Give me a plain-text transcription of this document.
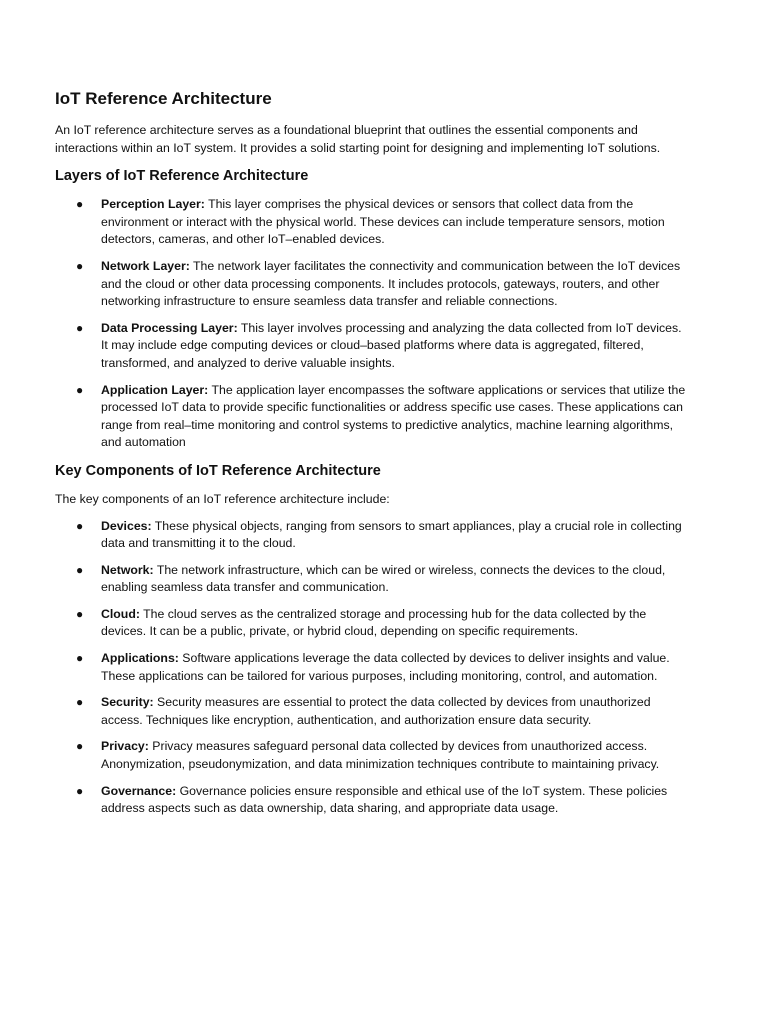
IoT Reference Architecture

An IoT reference architecture serves as a foundational blueprint that outlines the essential components and interactions within an IoT system. It provides a solid starting point for designing and implementing IoT solutions.

Layers of IoT Reference Architecture
● Perception Layer: This layer comprises the physical devices or sensors that collect data from the environment or interact with the physical world. These devices can include temperature sensors, motion detectors, cameras, and other IoT–enabled devices.
● Network Layer: The network layer facilitates the connectivity and communication between the IoT devices and the cloud or other data processing components. It includes protocols, gateways, routers, and other networking infrastructure to ensure seamless data transfer and reliable connections.
● Data Processing Layer: This layer involves processing and analyzing the data collected from IoT devices. It may include edge computing devices or cloud–based platforms where data is aggregated, filtered, transformed, and analyzed to derive valuable insights.
● Application Layer: The application layer encompasses the software applications or services that utilize the processed IoT data to provide specific functionalities or address specific use cases. These applications can range from real–time monitoring and control systems to predictive analytics, machine learning algorithms, and automation
Key Components of IoT Reference Architecture

The key components of an IoT reference architecture include:

● Devices: These physical objects, ranging from sensors to smart appliances, play a crucial role in collecting data and transmitting it to the cloud.
● Network: The network infrastructure, which can be wired or wireless, connects the devices to the cloud, enabling seamless data transfer and communication.
● Cloud: The cloud serves as the centralized storage and processing hub for the data collected by the devices. It can be a public, private, or hybrid cloud, depending on specific requirements.
● Applications: Software applications leverage the data collected by devices to deliver insights and value. These applications can be tailored for various purposes, including monitoring, control, and automation.
● Security: Security measures are essential to protect the data collected by devices from unauthorized access. Techniques like encryption, authentication, and authorization ensure data security.
● Privacy: Privacy measures safeguard personal data collected by devices from unauthorized access. Anonymization, pseudonymization, and data minimization techniques contribute to maintaining privacy.
● Governance: Governance policies ensure responsible and ethical use of the IoT system. These policies address aspects such as data ownership, data sharing, and appropriate data usage.
